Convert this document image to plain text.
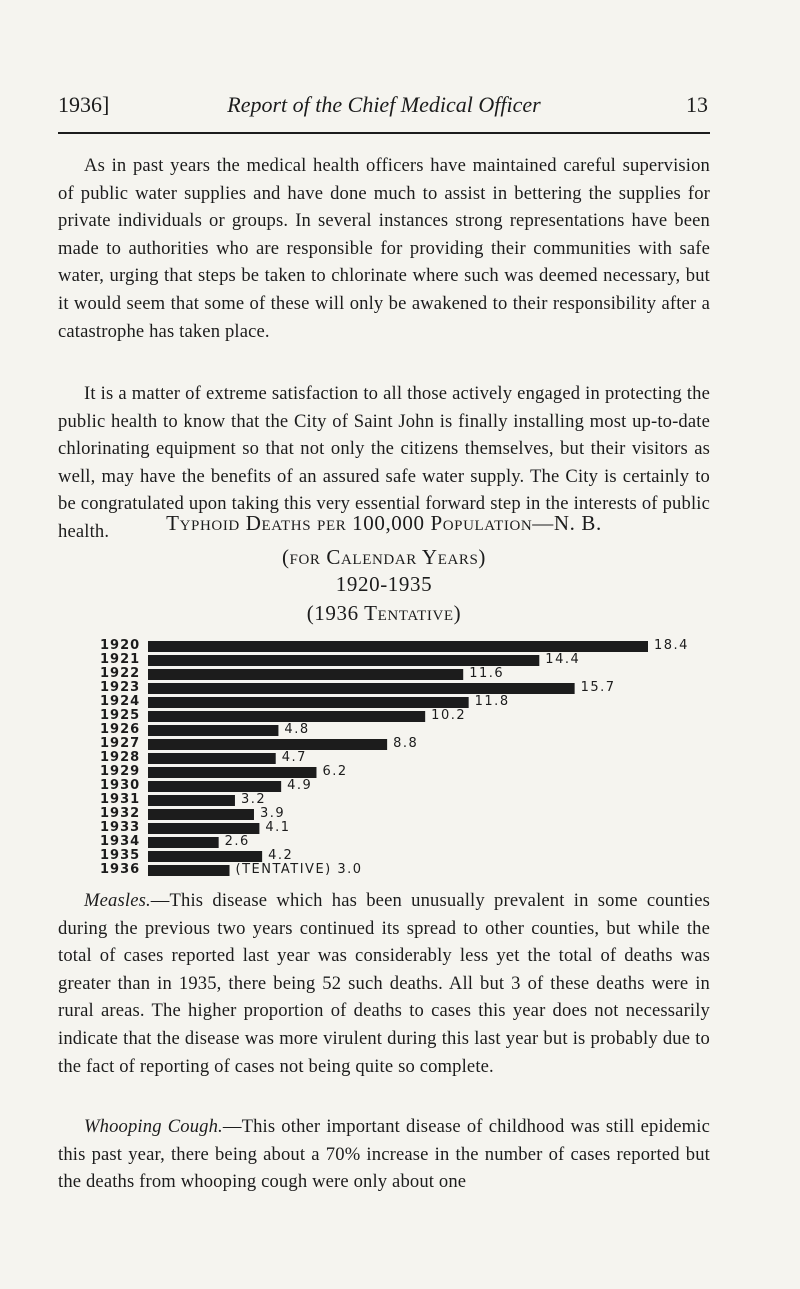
1936]	Report of the Chief Medical Officer	13

As in past years the medical health officers have maintained careful supervision of public water supplies and have done much to assist in bettering the supplies for private individuals or groups. In several instances strong representations have been made to authorities who are responsible for providing their communities with safe water, urging that steps be taken to chlorinate where such was deemed necessary, but it would seem that some of these will only be awakened to their responsibility after a catastrophe has taken place.

It is a matter of extreme satisfaction to all those actively engaged in protecting the public health to know that the City of Saint John is finally installing most up-to-date chlorinating equipment so that not only the citizens themselves, but their visitors as well, may have the benefits of an assured safe water supply. The City is certainly to be congratulated upon taking this very essential forward step in the interests of public health.	Typhoid Deaths per 100,000 Population—N. B.
(for Calendar Years)
1920-1935
(1936 Tentative)
1920	18.4
1921	14.4
1922	11.6
1923	15.7
1924	11.8
1925	10.2
1926	4.8
1927	8.8
1928	4.7
1929	6.2
1930	4.9
1931	3.2
1932	3.9
1933	4.1
1934	2.6
1935	4.2
1936	(TENTATIVE) 3.0

Measles.—This disease which has been unusually prevalent in some counties during the previous two years continued its spread to other counties, but while the total of cases reported last year was considerably less yet the total of deaths was greater than in 1935, there being 52 such deaths. All but 3 of these deaths were in rural areas. The higher proportion of deaths to cases this year does not necessarily indicate that the disease was more virulent during this last year but is probably due to the fact of reporting of cases not being quite so complete.

Whooping Cough.—This other important disease of childhood was still epidemic this past year, there being about a 70% increase in the number of cases reported but the deaths from whooping cough were only about one
